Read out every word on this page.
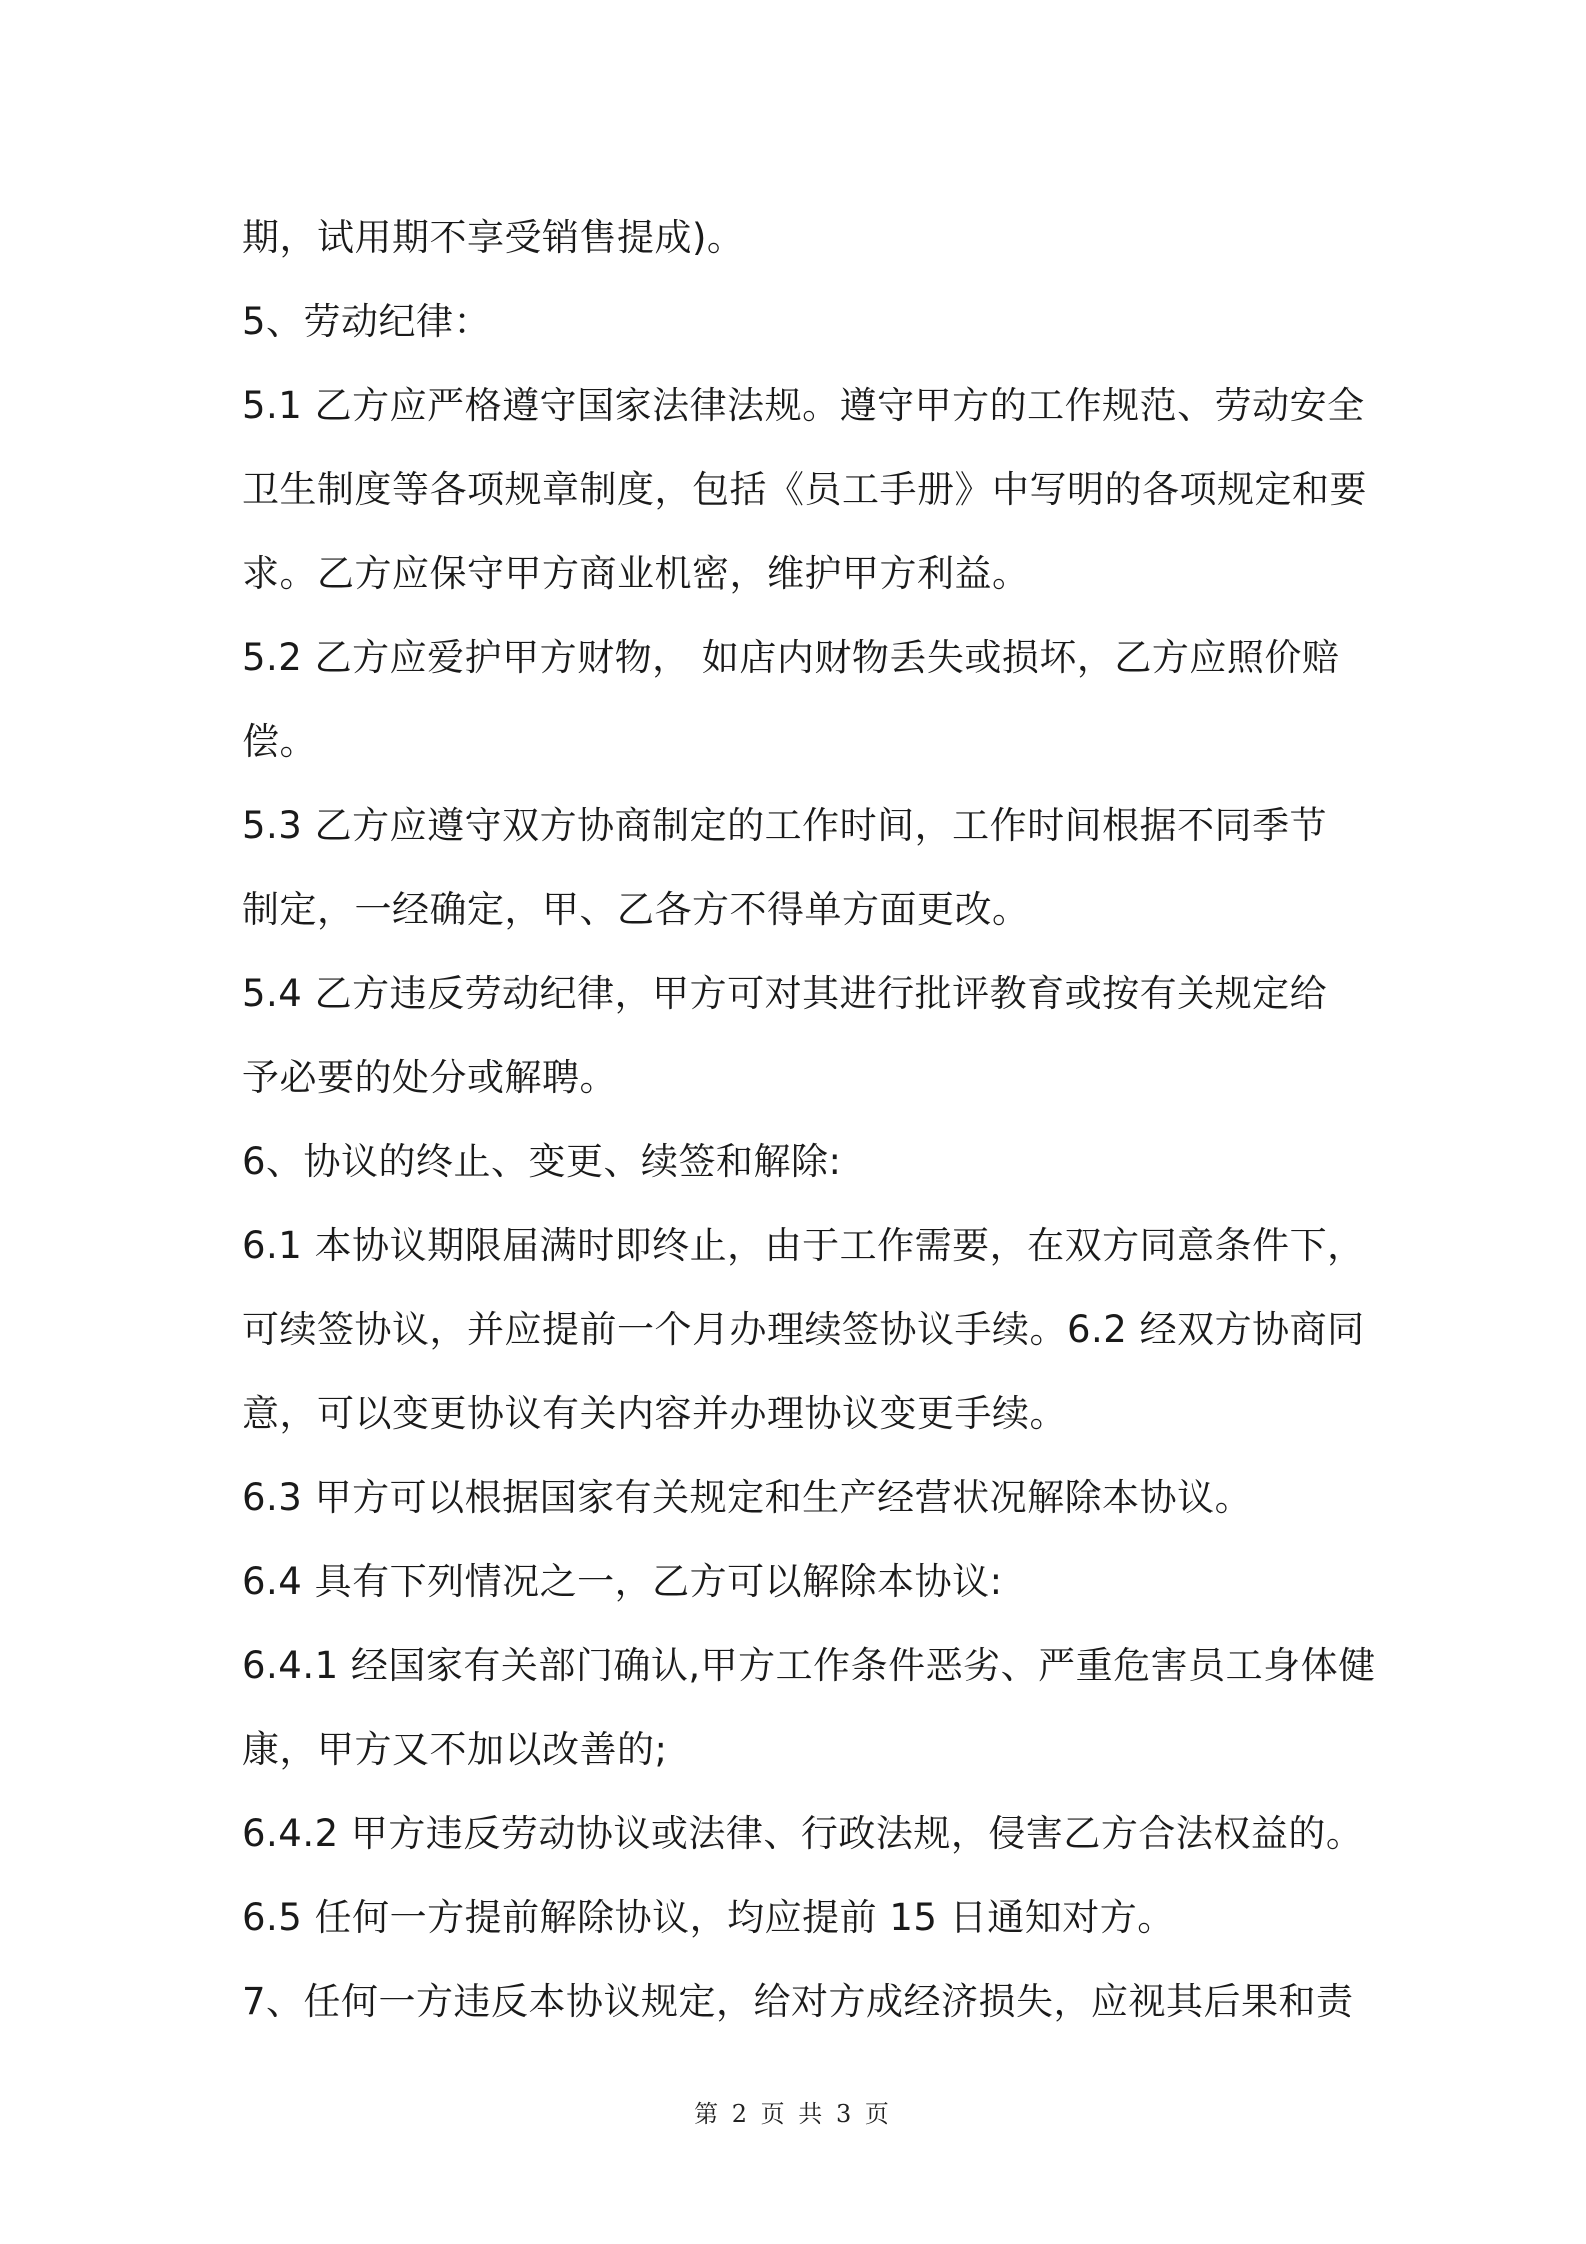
期，试用期不享受销售提成)。
5、劳动纪律：
5.1 乙方应严格遵守国家法律法规。遵守甲方的工作规范、劳动安全
卫生制度等各项规章制度，包括《员工手册》中写明的各项规定和要
求。乙方应保守甲方商业机密，维护甲方利益。
5.2 乙方应爱护甲方财物， 如店内财物丢失或损坏，乙方应照价赔
偿。
5.3 乙方应遵守双方协商制定的工作时间，工作时间根据不同季节
制定，一经确定，甲、乙各方不得单方面更改。
5.4 乙方违反劳动纪律，甲方可对其进行批评教育或按有关规定给
予必要的处分或解聘。
6、协议的终止、变更、续签和解除:
6.1 本协议期限届满时即终止，由于工作需要，在双方同意条件下，
可续签协议，并应提前一个月办理续签协议手续。6.2 经双方协商同
意，可以变更协议有关内容并办理协议变更手续。
6.3 甲方可以根据国家有关规定和生产经营状况解除本协议。
6.4 具有下列情况之一，乙方可以解除本协议:
6.4.1 经国家有关部门确认,甲方工作条件恶劣、严重危害员工身体健
康，甲方又不加以改善的;
6.4.2 甲方违反劳动协议或法律、行政法规，侵害乙方合法权益的。
6.5 任何一方提前解除协议，均应提前 15 日通知对方。
7、任何一方违反本协议规定，给对方成经济损失，应视其后果和责
第 2 页 共 3 页
